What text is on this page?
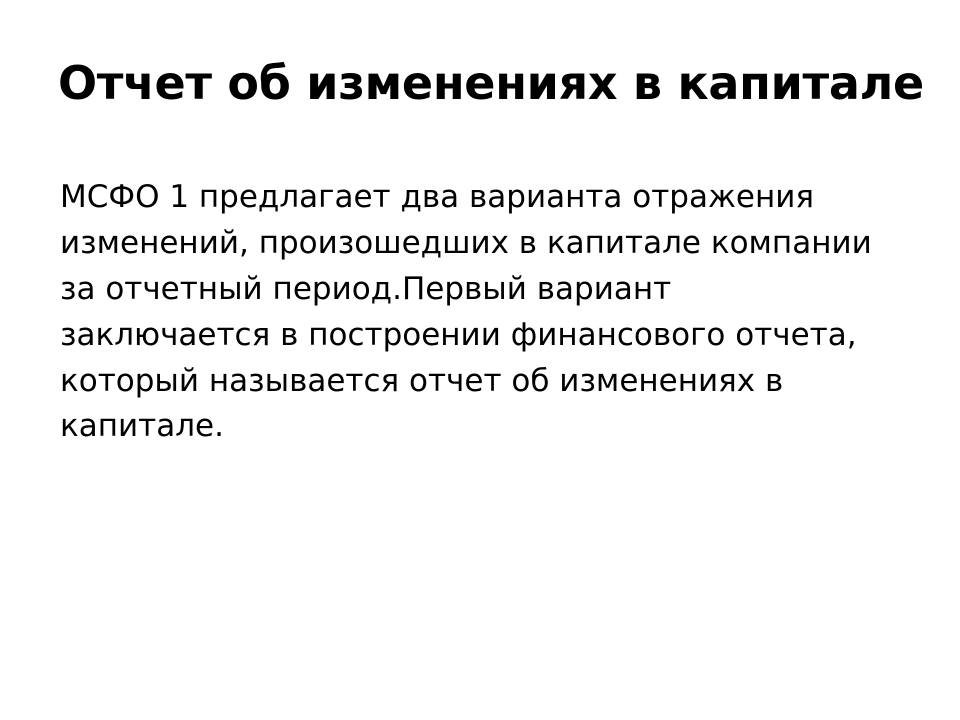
Отчет об изменениях в капитале

МСФО 1 предлагает два варианта отражения изменений, произошедших в капитале компании за отчетный период.Первый вариант заключается в построении финансового отчета, который называется отчет об изменениях в капитале.
